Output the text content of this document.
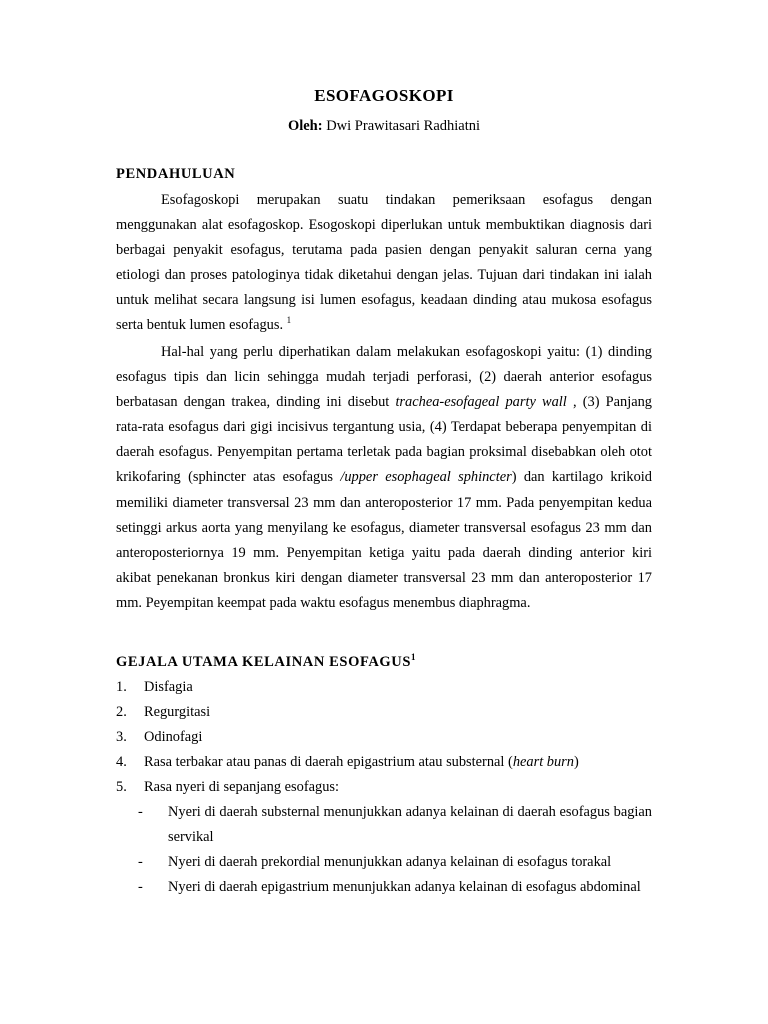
ESOFAGOSKOPI
Oleh: Dwi Prawitasari Radhiatni
PENDAHULUAN

Esofagoskopi merupakan suatu tindakan pemeriksaan esofagus dengan menggunakan alat esofagoskop. Esogoskopi diperlukan untuk membuktikan diagnosis dari berbagai penyakit esofagus, terutama pada pasien dengan penyakit saluran cerna yang etiologi dan proses patologinya tidak diketahui dengan jelas. Tujuan dari tindakan ini ialah untuk melihat secara langsung isi lumen esofagus, keadaan dinding atau mukosa esofagus serta bentuk lumen esofagus. $^1$

Hal-hal yang perlu diperhatikan dalam melakukan esofagoskopi yaitu: (1) dinding esofagus tipis dan licin sehingga mudah terjadi perforasi, (2) daerah anterior esofagus berbatasan dengan trakea, dinding ini disebut trachea-esofageal party wall , (3) Panjang rata-rata esofagus dari gigi incisivus tergantung usia, (4) Terdapat beberapa penyempitan di daerah esofagus. Penyempitan pertama terletak pada bagian proksimal disebabkan oleh otot krikofaring (sphincter atas esofagus /upper esophageal sphincter) dan kartilago krikoid memiliki diameter transversal 23 mm dan anteroposterior 17 mm. Pada penyempitan kedua setinggi arkus aorta yang menyilang ke esofagus, diameter transversal esofagus 23 mm dan anteroposteriornya 19 mm. Penyempitan ketiga yaitu pada daerah dinding anterior kiri akibat penekanan bronkus kiri dengan diameter transversal 23 mm dan anteroposterior 17 mm. Peyempitan keempat pada waktu esofagus menembus diaphragma.

GEJALA UTAMA KELAINAN ESOFAGUS$^1$
1. Disfagia
2. Regurgitasi
3. Odinofagi
4. Rasa terbakar atau panas di daerah epigastrium atau substernal (heart burn)
5. Rasa nyeri di sepanjang esofagus:
- Nyeri di daerah substernal menunjukkan adanya kelainan di daerah esofagus bagian servikal
- Nyeri di daerah prekordial menunjukkan adanya kelainan di esofagus torakal
- Nyeri di daerah epigastrium menunjukkan adanya kelainan di esofagus abdominal
